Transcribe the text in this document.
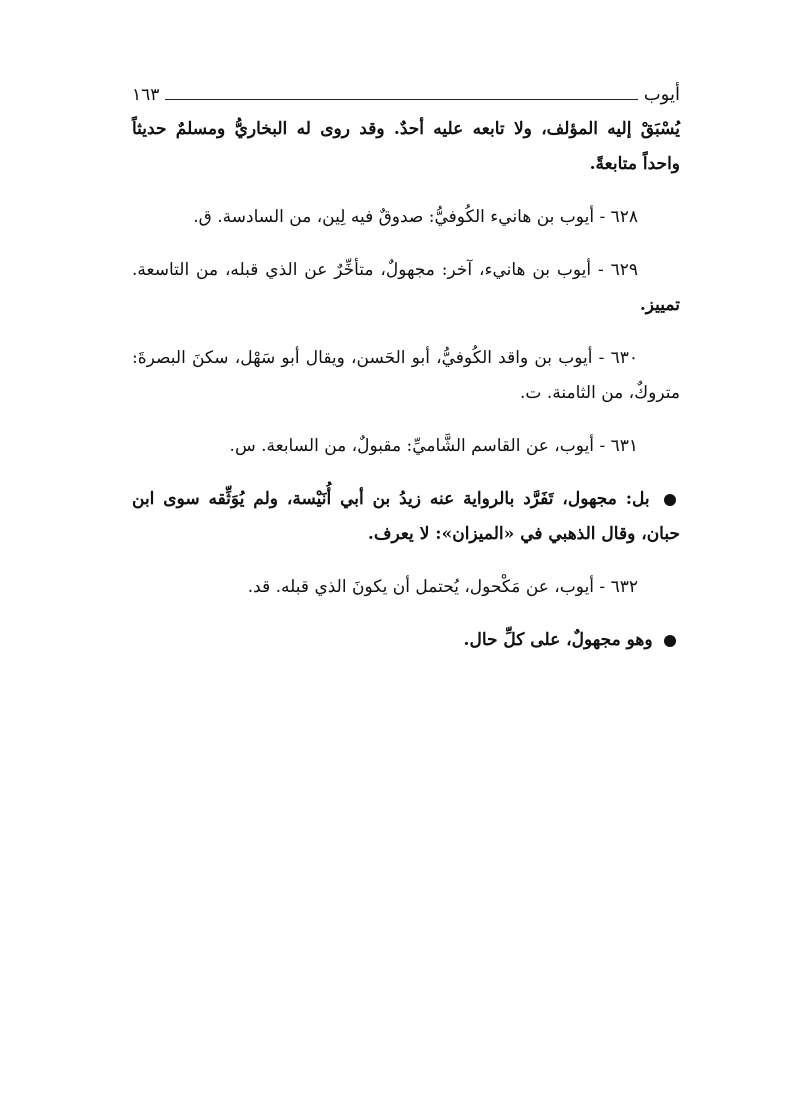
أيوب
١٦٣

يُسْبَقْ إليه المؤلف، ولا تابعه عليه أحدٌ. وقد روى له البخاريُّ ومسلمٌ حديثاً واحداً متابعةً.

٦٢٨ - أيوب بن هانيء الكُوفيُّ: صدوقٌ فيه لِين، من السادسة. ق.

٦٢٩ - أيوب بن هانيء، آخر: مجهولٌ، متأخِّرٌ عن الذي قبله، من التاسعة. تمييز.

٦٣٠ - أيوب بن واقد الكُوفيُّ، أبو الحَسن، ويقال أبو سَهْل، سكنَ البصرةَ: متروكٌ، من الثامنة. ت.

٦٣١ - أيوب، عن القاسم الشَّاميِّ: مقبولٌ، من السابعة. س.

بل: مجهول، تَفَرَّد بالرواية عنه زيدُ بن أبي أُنَيْسة، ولم يُوَثِّقه سوى ابن حبان، وقال الذهبي في «الميزان»: لا يعرف.

٦٣٢ - أيوب، عن مَكْحول، يُحتمل أن يكونَ الذي قبله. قد.

وهو مجهولٌ، على كلِّ حال.
